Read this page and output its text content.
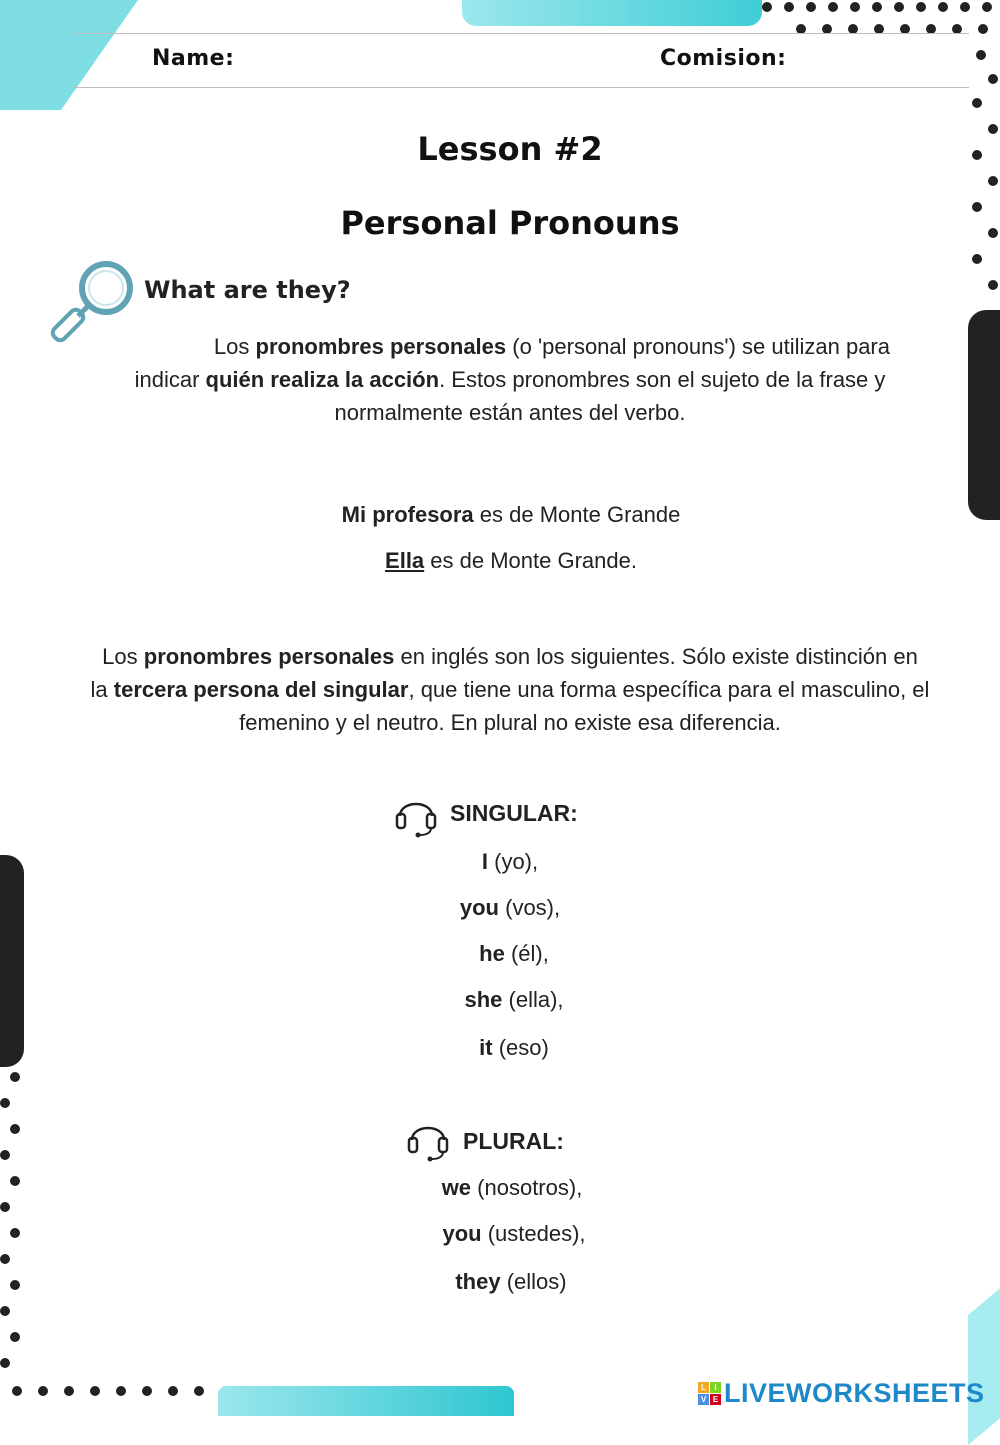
Name:	Comision:
Lesson #2
Personal Pronouns
What are they?
Los pronombres personales (o 'personal pronouns') se utilizan para
indicar quién realiza la acción. Estos pronombres son el sujeto de la frase y
normalmente están antes del verbo.
Mi profesora es de Monte Grande
Ella es de Monte Grande.
Los pronombres personales en inglés son los siguientes. Sólo existe distinción en
la tercera persona del singular, que tiene una forma específica para el masculino, el
femenino y el neutro. En plural no existe esa diferencia.
SINGULAR:
I (yo),
you (vos),
he (él),
she (ella),
it (eso)
PLURAL:
we (nosotros),
you (ustedes),
they (ellos)
L	I
V E LIVEWORKSHEETS
